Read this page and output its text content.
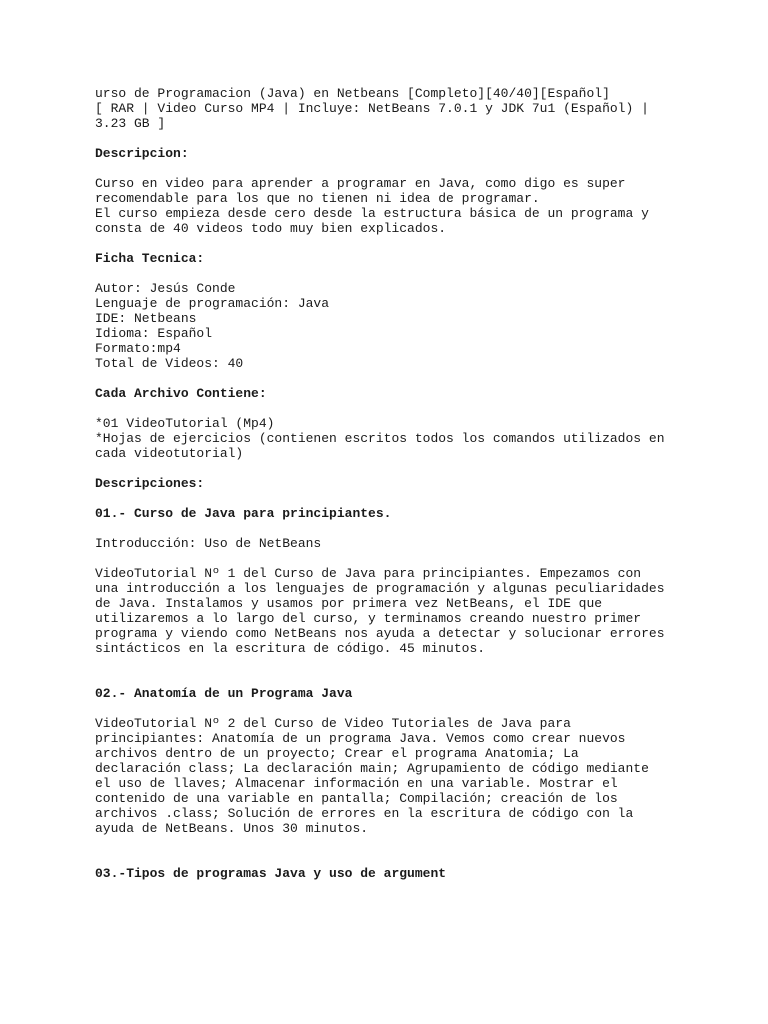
urso de Programacion (Java) en Netbeans [Completo][40/40][Español]
[ RAR | Video Curso MP4 | Incluye: NetBeans 7.0.1 y JDK 7u1 (Español) |
3.23 GB ]
Descripcion:
Curso en video para aprender a programar en Java, como digo es super
recomendable para los que no tienen ni idea de programar.
El curso empieza desde cero desde la estructura básica de un programa y
consta de 40 videos todo muy bien explicados.
Ficha Tecnica:
Autor: Jesús Conde
Lenguaje de programación: Java
IDE: Netbeans
Idioma: Español
Formato:mp4
Total de Videos: 40
Cada Archivo Contiene:
*01 VideoTutorial (Mp4)
*Hojas de ejercicios (contienen escritos todos los comandos utilizados en
cada videotutorial)
Descripciones:
01.- Curso de Java para principiantes.
Introducción: Uso de NetBeans
VideoTutorial Nº 1 del Curso de Java para principiantes. Empezamos con
una introducción a los lenguajes de programación y algunas peculiaridades
de Java. Instalamos y usamos por primera vez NetBeans, el IDE que
utilizaremos a lo largo del curso, y terminamos creando nuestro primer
programa y viendo como NetBeans nos ayuda a detectar y solucionar errores
sintácticos en la escritura de código. 45 minutos.
02.- Anatomía de un Programa Java
VideoTutorial Nº 2 del Curso de Video Tutoriales de Java para
principiantes: Anatomía de un programa Java. Vemos como crear nuevos
archivos dentro de un proyecto; Crear el programa Anatomia; La
declaración class; La declaración main; Agrupamiento de código mediante
el uso de llaves; Almacenar información en una variable. Mostrar el
contenido de una variable en pantalla; Compilación; creación de los
archivos .class; Solución de errores en la escritura de código con la
ayuda de NetBeans. Unos 30 minutos.
03.-Tipos de programas Java y uso de argument
